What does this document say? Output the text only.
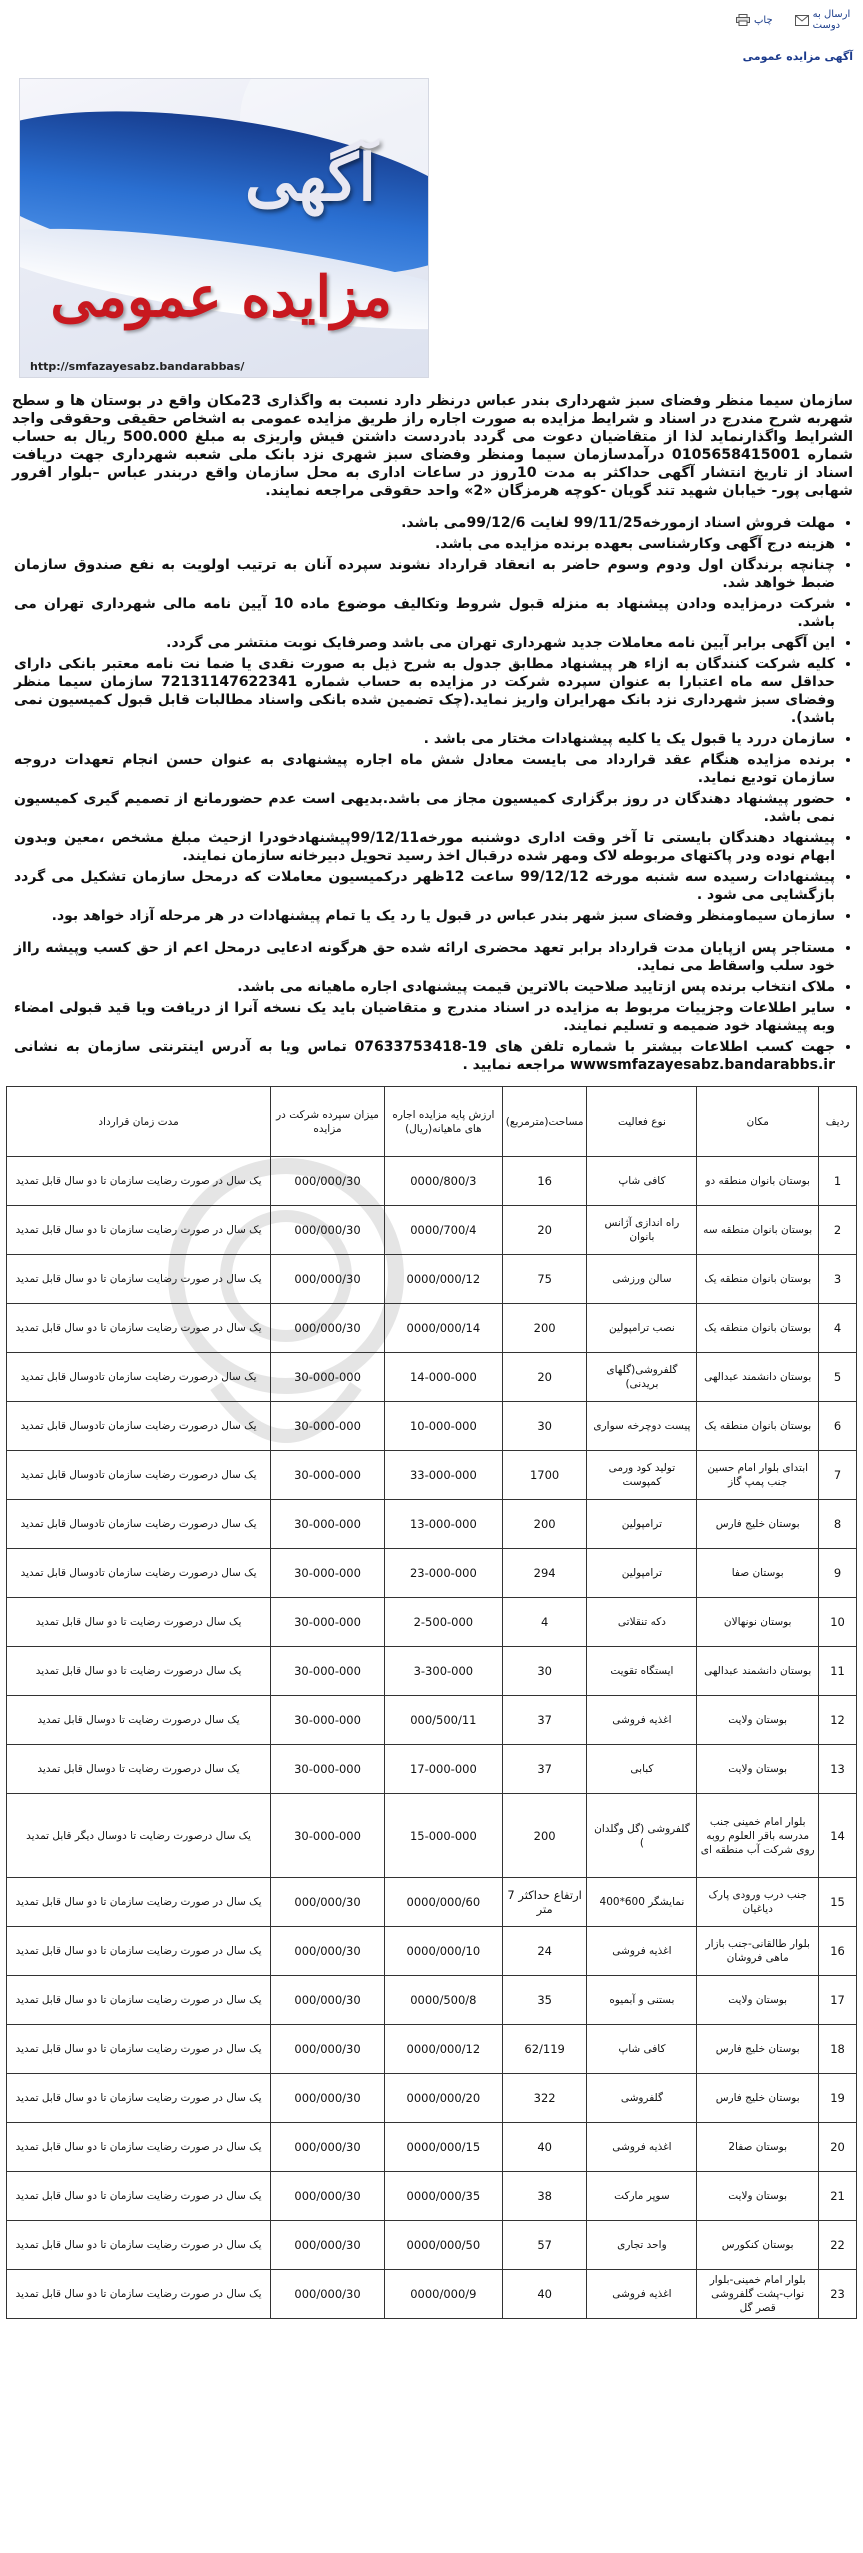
چاپ	ارسال به دوست
آگهی مزایده عمومی
آگهی
مزایده عمومی
http://smfazayesabz.bandarabbas/

سازمان سیما منظر وفضای سبز شهرداری بندر عباس درنظر دارد نسبت به واگذاری 23مکان واقع در بوستان ها و سطح شهربه شرح مندرج در اسناد و شرایط مزایده به صورت اجاره راز طریق مزایده عمومی به اشخاص حقیقی وحقوقی واجد الشرایط واگذارنماید لذا از متقاضیان دعوت می گردد بادردست داشتن فیش واریزی به مبلغ 500.000 ریال به حساب شماره 0105658415001 درآمدسازمان سیما ومنظر وفضای سبز شهری نزد بانک ملی شعبه شهرداری جهت دریافت اسناد از تاریخ انتشار آگهی حداکثر به مدت 10روز در ساعات اداری به محل سازمان واقع دربندر عباس –بلوار افرور شهابی پور- خیابان شهید تند گویان -کوچه هرمزگان «2» واحد حقوقی مراجعه نمایند.

• مهلت فروش اسناد ازمورخه99/11/25 لغایت 99/12/6می باشد.
• هزینه درج آگهی وکارشناسی بعهده برنده مزایده می باشد.
• چنانچه برندگان اول ودوم وسوم حاضر به انعقاد قرارداد نشوند سپرده آنان به ترتیب اولویت به نفع صندوق سازمان ضبط خواهد شد.
• شرکت درمزایده ودادن پیشنهاد به منزله قبول شروط وتکالیف موضوع ماده 10 آیین نامه مالی شهرداری تهران می باشد.
• این آگهی برابر آیین نامه معاملات جدید شهرداری تهران می باشد وصرفایک نوبت منتشر می گردد.
• کلیه شرکت کنندگان به ازاء هر پیشنهاد مطابق جدول به شرح ذیل به صورت نقدی یا ضما نت نامه معتبر بانکی دارای حداقل سه ماه اعتبارا به عنوان سپرده شرکت در مزایده به حساب شماره 72131147622341 سازمان سیما منظر وفضای سبز شهرداری نزد بانک مهرایران واریز نماید.(چک تضمین شده بانکی واسناد مطالبات قابل قبول کمیسیون نمی باشد).
• سازمان دررد یا قبول یک یا کلیه پیشنهادات مختار می باشد .
• برنده مزایده هنگام عقد قرارداد می بایست معادل شش ماه اجاره پیشنهادی به عنوان حسن انجام تعهدات دروجه سازمان تودیع نماید.
• حضور پیشنهاد دهندگان در روز برگزاری کمیسیون مجاز می باشد.بدیهی است عدم حضورمانع از تصمیم گیری کمیسیون نمی باشد.
• پیشنهاد دهندگان بایستی تا آخر وقت اداری دوشنبه مورخه99/12/11پیشنهادخودرا ازحیث مبلغ مشخص ،معین وبدون ابهام نوده ودر پاکتهای مربوطه لاک ومهر شده درقبال اخذ رسید تحویل دبیرخانه سازمان نمایند.
• پیشنهادات رسیده سه شنبه مورخه 99/12/12 ساعت 12ظهر درکمیسیون معاملات که درمحل سازمان تشکیل می گردد بازگشایی می شود .
• سازمان سیماومنظر وفضای سبز شهر بندر عباس در قبول یا رد یک یا تمام پیشنهادات در هر مرحله آزاد خواهد بود.
• مستاجر پس ازپایان مدت قرارداد برابر تعهد محضری ارائه شده حق هرگونه ادعایی درمحل اعم از حق کسب وپیشه رااز خود سلب واسقاط می نماید.
• ملاک انتخاب برنده پس ازتایید صلاحیت بالاترین قیمت پیشنهادی اجاره ماهیانه می باشد.
• سایر اطلاعات وجزییات مربوط به مزایده در اسناد مندرج و متقاضیان باید یک نسخه آنرا از دریافت ویا قید قبولی امضاء وبه پیشنهاد خود ضمیمه و تسلیم نمایند.
• جهت کسب اطلاعات بیشتر با شماره تلفن های 19-07633753418 تماس ویا به آدرس اینترنتی سازمان به نشانی wwwsmfazayesabz.bandarabbs.ir مراجعه نمایید .
ردیف	مکان	نوع فعالیت	مساحت(مترمربع)	ارزش پایه مزایده اجاره های ماهیانه(ریال)	میزان سپرده شرکت در مزایده	مدت زمان قرارداد
1	بوستان بانوان منطقه دو	کافی شاپ	16	0000/800/3	000/000/30	یک سال در صورت رضایت سازمان تا دو سال قابل تمدید
2	بوستان بانوان منطقه سه	راه اندازی آژانس بانوان	20	0000/700/4	000/000/30	یک سال در صورت رضایت سازمان تا دو سال قابل تمدید
3	بوستان بانوان منطقه یک	سالن ورزشی	75	0000/000/12	000/000/30	یک سال در صورت رضایت سازمان تا دو سال قابل تمدید
4	بوستان بانوان منطقه یک	نصب ترامپولین	200	0000/000/14	000/000/30	یک سال در صورت رضایت سازمان تا دو سال قابل تمدید
5	بوستان دانشمند عبدالهی	گلفروشی(گلهای بریدنی)	20	14-000-000	30-000-000	یک سال درصورت رضایت سازمان تادوسال قابل تمدید
6	بوستان بانوان منطقه یک	پیست دوچرخه سواری	30	10-000-000	30-000-000	یک سال درصورت رضایت سازمان تادوسال قابل تمدید
7	ابتدای بلوار امام حسین جنب پمپ گاز	تولید کود ورمی کمپوست	1700	33-000-000	30-000-000	یک سال درصورت رضایت سازمان تادوسال قابل تمدید
8	بوستان خلیج فارس	ترامپولین	200	13-000-000	30-000-000	یک سال درصورت رضایت سازمان تادوسال قابل تمدید
9	بوستان صفا	ترامپولین	294	23-000-000	30-000-000	یک سال درصورت رضایت سازمان تادوسال قابل تمدید
10	بوستان نونهالان	دکه تنقلاتی	4	2-500-000	30-000-000	یک سال درصورت رضایت تا دو سال قابل تمدید
11	بوستان دانشمند عبدالهی	ایستگاه تقویت	30	3-300-000	30-000-000	یک سال درصورت رضایت تا دو سال قابل تمدید
12	بوستان ولایت	اغذیه فروشی	37	000/500/11	30-000-000	یک سال درصورت رضایت تا دوسال قابل تمدید
13	بوستان ولایت	کبابی	37	17-000-000	30-000-000	یک سال درصورت رضایت تا دوسال قابل تمدید
14	بلوار امام خمینی جنب مدرسه باقر العلوم روبه روی شرکت آب منطقه ای	گلفروشی (گل وگلدان )	200	15-000-000	30-000-000	یک سال درصورت رضایت تا دوسال دیگر قابل تمدید
15	جنب درب ورودی پارک دیاغیان	نمایشگر 600*400	ارتفاع حداکثر 7 متر	0000/000/60	000/000/30	یک سال در صورت رضایت سازمان تا دو سال قابل تمدید
16	بلوار طالقانی-جنب بازار ماهی فروشان	اغذیه فروشی	24	0000/000/10	000/000/30	یک سال در صورت رضایت سازمان تا دو سال قابل تمدید
17	بوستان ولایت	بستنی و آبمیوه	35	0000/500/8	000/000/30	یک سال در صورت رضایت سازمان تا دو سال قابل تمدید
18	بوستان خلیج فارس	کافی شاپ	62/119	0000/000/12	000/000/30	یک سال در صورت رضایت سازمان تا دو سال قابل تمدید
19	بوستان خلیج فارس	گلفروشی	322	0000/000/20	000/000/30	یک سال در صورت رضایت سازمان تا دو سال قابل تمدید
20	بوستان صفا2	اغذیه فروشی	40	0000/000/15	000/000/30	یک سال در صورت رضایت سازمان تا دو سال قابل تمدید
21	بوستان ولایت	سوپر مارکت	38	0000/000/35	000/000/30	یک سال در صورت رضایت سازمان تا دو سال قابل تمدید
22	بوستان کنکورس	واحد تجاری	57	0000/000/50	000/000/30	یک سال در صورت رضایت سازمان تا دو سال قابل تمدید
23	بلوار امام خمینی-بلوار نواب-پشت گلفروشی قصر گل	اغذیه فروشی	40	0000/000/9	000/000/30	یک سال در صورت رضایت سازمان تا دو سال قابل تمدید
